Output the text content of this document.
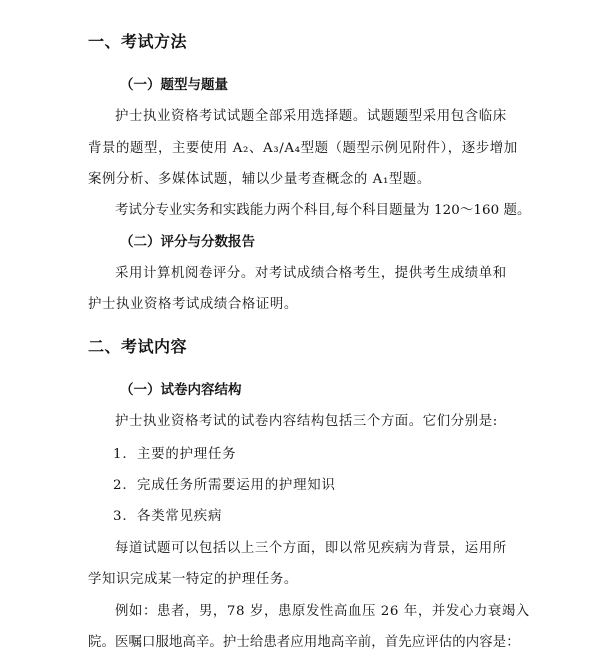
一、考试方法
（一）题型与题量
护士执业资格考试试题全部采用选择题。试题题型采用包含临床
背景的题型，主要使用 A₂、A₃/A₄型题（题型示例见附件），逐步增加
案例分析、多媒体试题，辅以少量考查概念的 A₁型题。
考试分专业实务和实践能力两个科目,每个科目题量为 120～160 题。
（二）评分与分数报告
采用计算机阅卷评分。对考试成绩合格考生，提供考生成绩单和
护士执业资格考试成绩合格证明。
二、考试内容
（一）试卷内容结构
护士执业资格考试的试卷内容结构包括三个方面。它们分别是:
1. 主要的护理任务
2. 完成任务所需要运用的护理知识
3. 各类常见疾病
每道试题可以包括以上三个方面，即以常见疾病为背景，运用所
学知识完成某一特定的护理任务。
例如：患者，男，78 岁，患原发性高血压 26 年，并发心力衰竭入
院。医嘱口服地高辛。护士给患者应用地高辛前，首先应评估的内容是：
